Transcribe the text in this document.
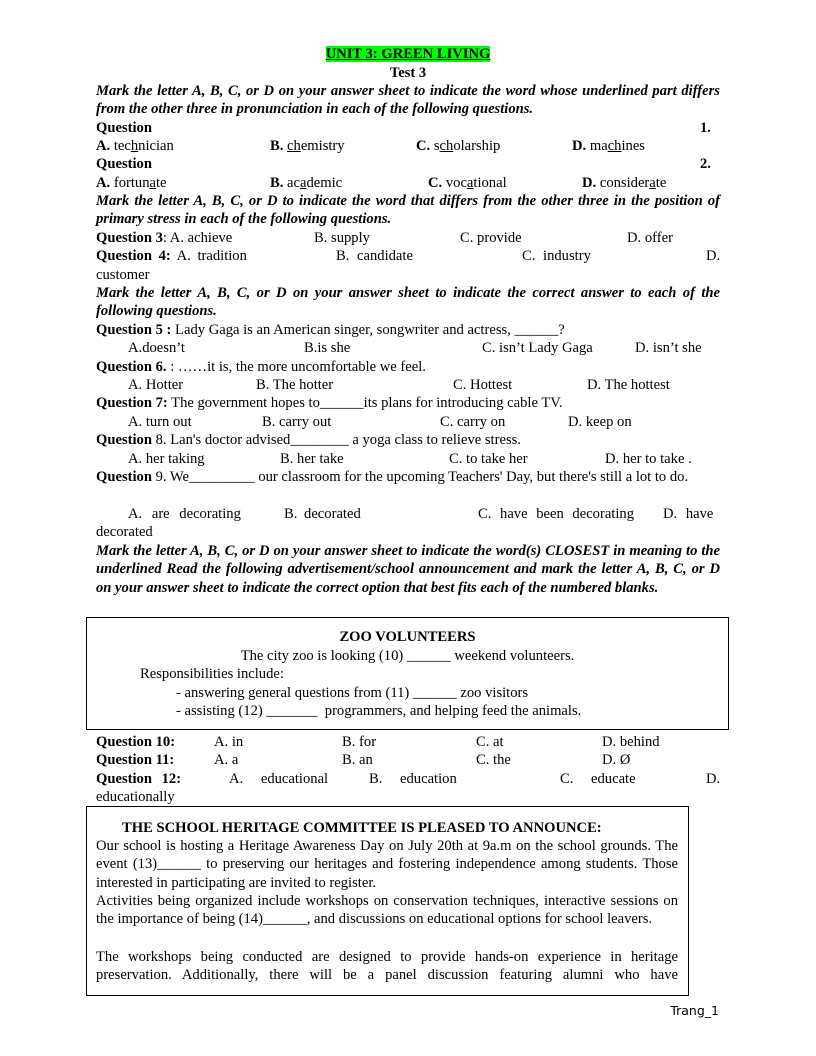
UNIT 3: GREEN LIVING
Test 3
Mark the letter A, B, C, or D on your answer sheet to indicate the word whose underlined part differs from the other three in pronunciation in each of the following questions.
Question	1.
A. technician	B. chemistry	C. scholarship	D. machines
Question	2.
A. fortunate	B. academic	C. vocational	D. considerate
Mark the letter A, B, C, or D to indicate the word that differs from the other three in the position of primary stress in each of the following questions.
Question 3: A. achieve	B. supply	C. provide	D. offer
Question 4: A. tradition	B. candidate	C. industry	D.
customer
Mark the letter A, B, C, or D on your answer sheet to indicate the correct answer to each of the following questions.
Question 5 : Lady Gaga is an American singer, songwriter and actress, ______?
A.doesn’t	B.is she	C. isn’t Lady Gaga	D. isn’t she
Question 6. : ……it is, the more uncomfortable we feel.
A. Hotter	B. The hotter	C. Hottest	D. The hottest
Question 7: The government hopes to______its plans for introducing cable TV.
A. turn out	B. carry out	C. carry on	D. keep on
Question 8. Lan's doctor advised________ a yoga class to relieve stress.
A. her taking	B. her take	C. to take her	D. her to take .
Question 9. We_________ our classroom for the upcoming Teachers' Day, but there's still a lot to do.
A. are decorating	B. decorated	C. have been decorating D. have
decorated
Mark the letter A, B, C, or D on your answer sheet to indicate the word(s) CLOSEST in meaning to the underlined Read the following advertisement/school announcement and mark the letter A, B, C, or D on your answer sheet to indicate the correct option that best fits each of the numbered blanks.
ZOO VOLUNTEERS
The city zoo is looking (10) ______ weekend volunteers.
Responsibilities include:
- answering general questions from (11) ______ zoo visitors
- assisting (12) _______  programmers, and helping feed the animals.
Question 10:	A. in	B. for	C. at	D. behind
Question 11:	A. a	B. an	C. the	D. Ø
Question 12:	A. educational	B. education	C. educate	D.
educationally
THE SCHOOL HERITAGE COMMITTEE IS PLEASED TO ANNOUNCE:
Our school is hosting a Heritage Awareness Day on July 20th at 9a.m on the school grounds. The event (13)______ to preserving our heritages and fostering independence among students. Those interested in participating are invited to register.
Activities being organized include workshops on conservation techniques, interactive sessions on the importance of being (14)______, and discussions on educational options for school leavers.
The workshops being conducted are designed to provide hands-on experience in heritage preservation. Additionally, there will be a panel discussion featuring alumni who have
Trang_1
